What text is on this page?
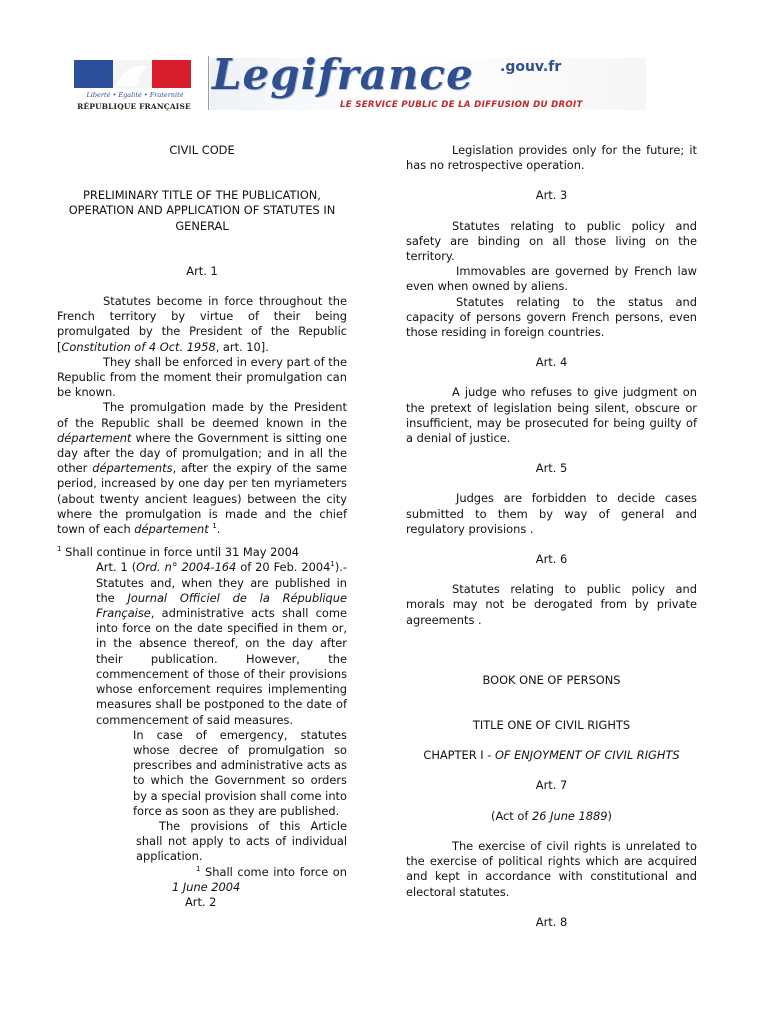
Liberté • Égalité • Fraternité
RÉPUBLIQUE FRANÇAISE
Legifrance .gouv.fr
LE SERVICE PUBLIC DE LA DIFFUSION DU DROIT
CIVIL CODE
PRELIMINARY TITLE OF THE PUBLICATION, OPERATION AND APPLICATION OF STATUTES IN GENERAL
Art. 1

Statutes become in force throughout the French territory by virtue of their being promulgated by the President of the Republic [Constitution of 4 Oct. 1958, art. 10].

They shall be enforced in every part of the Republic from the moment their promulgation can be known.

The promulgation made by the President of the Republic shall be deemed known in the département where the Government is sitting one day after the day of promulgation; and in all the other départements, after the expiry of the same period, increased by one day per ten myriameters (about twenty ancient leagues) between the city where the promulgation is made and the chief town of each département $^1$.

$^1$ Shall continue in force until 31 May 2004

Art. 1 (Ord. n° 2004-164 of 20 Feb. 2004$^1$).- Statutes and, when they are published in the Journal Officiel de la République Française, administrative acts shall come into force on the date specified in them or, in the absence thereof, on the day after their publication. However, the commencement of those of their provisions whose enforcement requires implementing measures shall be postponed to the date of commencement of said measures.

In case of emergency, statutes whose decree of promulgation so prescribes and administrative acts as to which the Government so orders by a special provision shall come into force as soon as they are published.

The provisions of this Article shall not apply to acts of individual application.

$^1$ Shall come into force on 1 June 2004

Art. 2

Legislation provides only for the future; it has no retrospective operation.

Art. 3

Statutes relating to public policy and safety are binding on all those living on the territory.

Immovables are governed by French law even when owned by aliens.

Statutes relating to the status and capacity of persons govern French persons, even those residing in foreign countries.

Art. 4

A judge who refuses to give judgment on the pretext of legislation being silent, obscure or insufficient, may be prosecuted for being guilty of a denial of justice.

Art. 5

Judges are forbidden to decide cases submitted to them by way of general and regulatory provisions .

Art. 6

Statutes relating to public policy and morals may not be derogated from by private agreements .

BOOK ONE OF PERSONS
TITLE ONE OF CIVIL RIGHTS
CHAPTER I - OF ENJOYMENT OF CIVIL RIGHTS
Art. 7
(Act of 26 June 1889)

The exercise of civil rights is unrelated to the exercise of political rights which are acquired and kept in accordance with constitutional and electoral statutes.

Art. 8
